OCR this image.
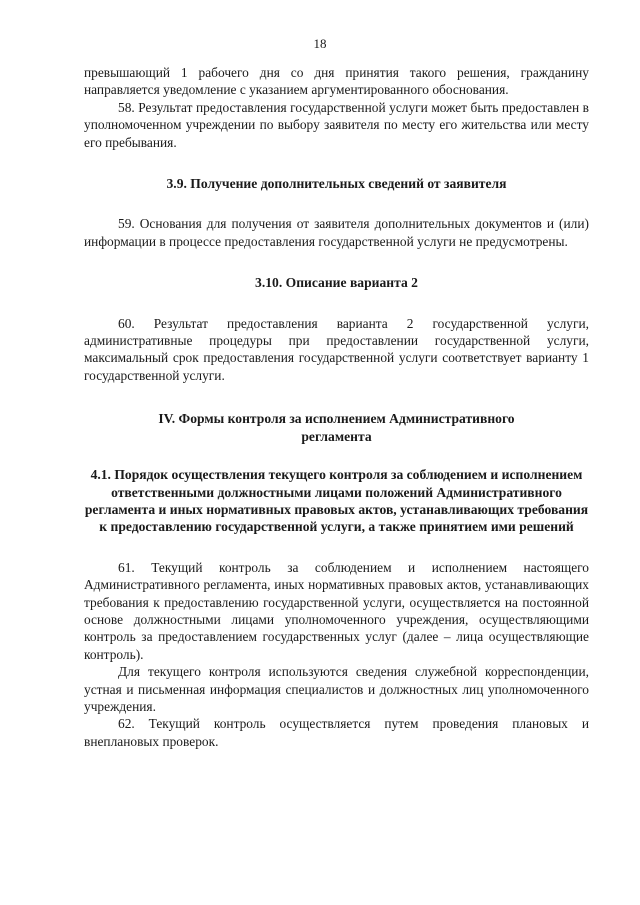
18

превышающий 1 рабочего дня со дня принятия такого решения, гражданину направляется уведомление с указанием аргументированного обоснования.

58. Результат предоставления государственной услуги может быть предоставлен в уполномоченном учреждении по выбору заявителя по месту его жительства или месту его пребывания.

3.9. Получение дополнительных сведений от заявителя

59. Основания для получения от заявителя дополнительных документов и (или) информации в процессе предоставления государственной услуги не предусмотрены.

3.10. Описание варианта 2

60. Результат предоставления варианта 2 государственной услуги, административные процедуры при предоставлении государственной услуги, максимальный срок предоставления государственной услуги соответствует варианту 1 государственной услуги.

IV. Формы контроля за исполнением Административного регламента
4.1. Порядок осуществления текущего контроля за соблюдением и исполнением ответственными должностными лицами положений Административного регламента и иных нормативных правовых актов, устанавливающих требования к предоставлению государственной услуги, а также принятием ими решений

61. Текущий контроль за соблюдением и исполнением настоящего Административного регламента, иных нормативных правовых актов, устанавливающих требования к предоставлению государственной услуги, осуществляется на постоянной основе должностными лицами уполномоченного учреждения, осуществляющими контроль за предоставлением государственных услуг (далее – лица осуществляющие контроль).

Для текущего контроля используются сведения служебной корреспонденции, устная и письменная информация специалистов и должностных лиц уполномоченного учреждения.

62. Текущий контроль осуществляется путем проведения плановых и внеплановых проверок.
